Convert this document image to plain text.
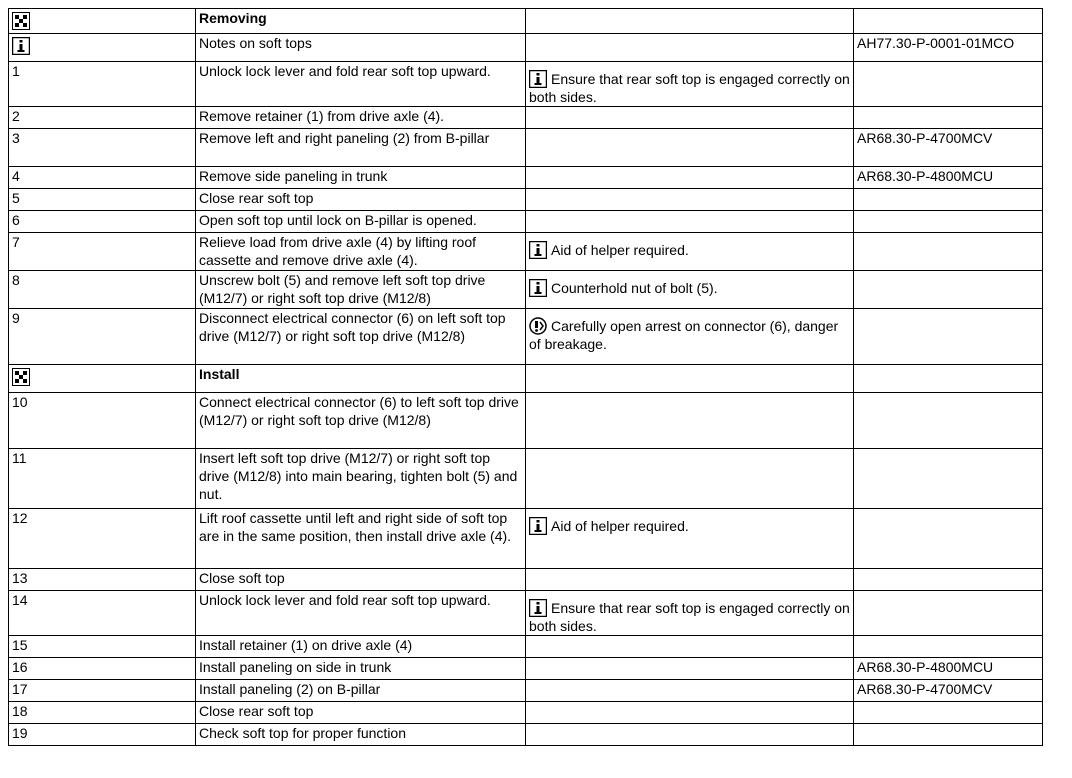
	Removing		

	Notes on soft tops		AH77.30-P-0001-01MCO
1	Unlock lock lever and fold rear soft top upward.	Ensure that rear soft top is engaged correctly on both sides.	
2	Remove retainer (1) from drive axle (4).		
3	Remove left and right paneling (2) from B-pillar		AR68.30-P-4700MCV
4	Remove side paneling in trunk		AR68.30-P-4800MCU
5	Close rear soft top		
6	Open soft top until lock on B-pillar is opened.		
7	Relieve load from drive axle (4) by lifting roof cassette and remove drive axle (4).	Aid of helper required.	
8	Unscrew bolt (5) and remove left soft top drive (M12/7) or right soft top drive (M12/8)	Counterhold nut of bolt (5).	
9	Disconnect electrical connector (6) on left soft top drive (M12/7) or right soft top drive (M12/8)	Carefully open arrest on connector (6), danger of breakage.	

	Install		
10	Connect electrical connector (6) to left soft top drive (M12/7) or right soft top drive (M12/8)		
11	Insert left soft top drive (M12/7) or right soft top drive (M12/8) into main bearing, tighten bolt (5) and nut.		
12	Lift roof cassette until left and right side of soft top are in the same position, then install drive axle (4).	Aid of helper required.	
13	Close soft top		
14	Unlock lock lever and fold rear soft top upward.	Ensure that rear soft top is engaged correctly on both sides.	
15	Install retainer (1) on drive axle (4)		
16	Install paneling on side in trunk		AR68.30-P-4800MCU
17	Install paneling (2) on B-pillar		AR68.30-P-4700MCV
18	Close rear soft top		
19	Check soft top for proper function		
